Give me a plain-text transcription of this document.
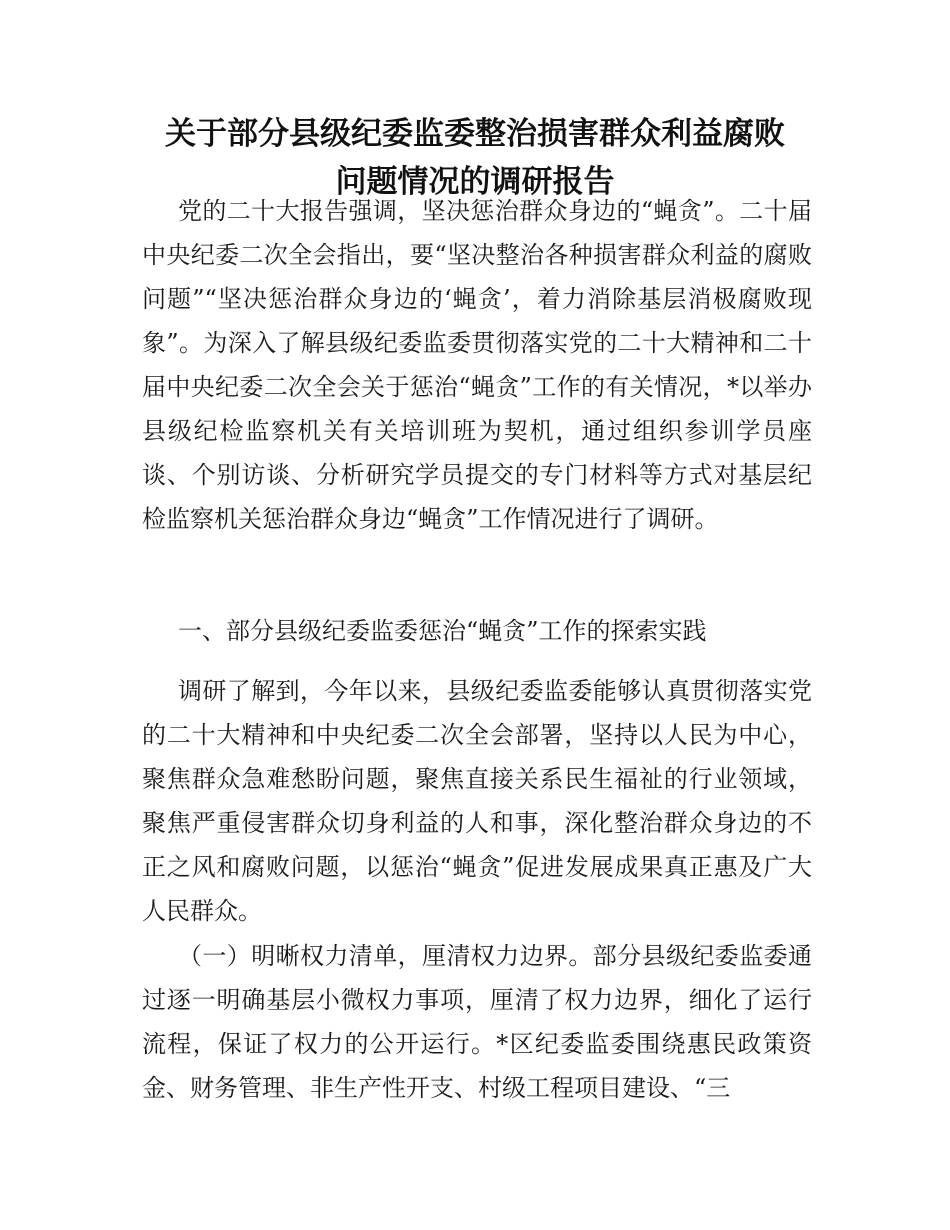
关于部分县级纪委监委整治损害群众利益腐败
问题情况的调研报告

党的二十大报告强调，坚决惩治群众身边的“蝇贪”。二十届中央纪委二次全会指出，要“坚决整治各种损害群众利益的腐败问题”“坚决惩治群众身边的‘蝇贪’，着力消除基层消极腐败现象”。为深入了解县级纪委监委贯彻落实党的二十大精神和二十届中央纪委二次全会关于惩治“蝇贪”工作的有关情况，*以举办县级纪检监察机关有关培训班为契机，通过组织参训学员座谈、个别访谈、分析研究学员提交的专门材料等方式对基层纪检监察机关惩治群众身边“蝇贪”工作情况进行了调研。

一、部分县级纪委监委惩治“蝇贪”工作的探索实践

调研了解到，今年以来，县级纪委监委能够认真贯彻落实党的二十大精神和中央纪委二次全会部署，坚持以人民为中心，聚焦群众急难愁盼问题，聚焦直接关系民生福祉的行业领域，聚焦严重侵害群众切身利益的人和事，深化整治群众身边的不正之风和腐败问题，以惩治“蝇贪”促进发展成果真正惠及广大人民群众。

（一）明晰权力清单，厘清权力边界。部分县级纪委监委通过逐一明确基层小微权力事项，厘清了权力边界，细化了运行流程，保证了权力的公开运行。*区纪委监委围绕惠民政策资金、财务管理、非生产性开支、村级工程项目建设、“三
